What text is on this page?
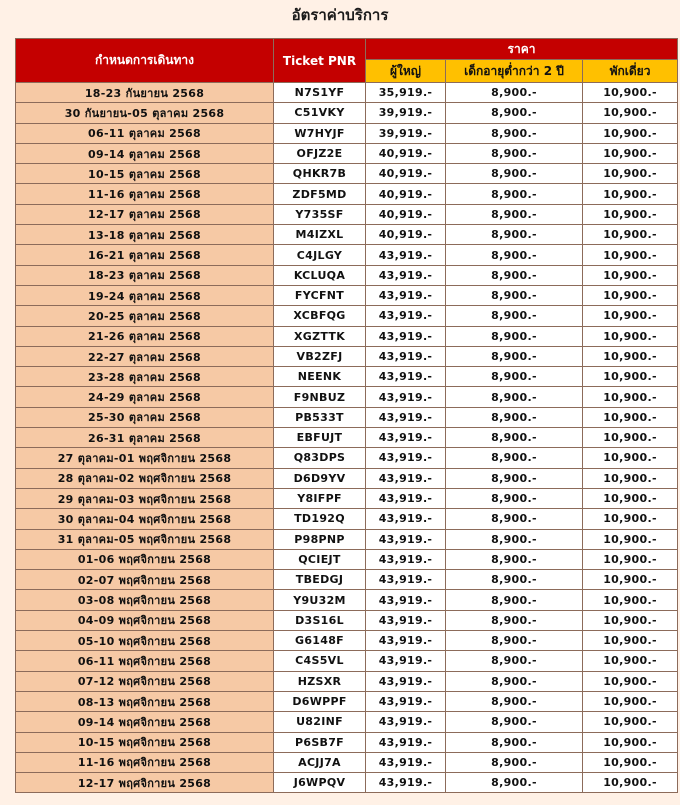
อัตราค่าบริการ
กำหนดการเดินทาง	Ticket PNR	ราคา		
		ผู้ใหญ่	เด็กอายุต่ำกว่า 2 ปี	พักเดี่ยว
18-23 กันยายน 2568	N7S1YF	35,919.-	8,900.-	10,900.-
30 กันยายน-05 ตุลาคม 2568	C51VKY	39,919.-	8,900.-	10,900.-
06-11 ตุลาคม 2568	W7HYJF	39,919.-	8,900.-	10,900.-
09-14 ตุลาคม 2568	OFJZ2E	40,919.-	8,900.-	10,900.-
10-15 ตุลาคม 2568	QHKR7B	40,919.-	8,900.-	10,900.-
11-16 ตุลาคม 2568	ZDF5MD	40,919.-	8,900.-	10,900.-
12-17 ตุลาคม 2568	Y735SF	40,919.-	8,900.-	10,900.-
13-18 ตุลาคม 2568	M4IZXL	40,919.-	8,900.-	10,900.-
16-21 ตุลาคม 2568	C4JLGY	43,919.-	8,900.-	10,900.-
18-23 ตุลาคม 2568	KCLUQA	43,919.-	8,900.-	10,900.-
19-24 ตุลาคม 2568	FYCFNT	43,919.-	8,900.-	10,900.-
20-25 ตุลาคม 2568	XCBFQG	43,919.-	8,900.-	10,900.-
21-26 ตุลาคม 2568	XGZTTK	43,919.-	8,900.-	10,900.-
22-27 ตุลาคม 2568	VB2ZFJ	43,919.-	8,900.-	10,900.-
23-28 ตุลาคม 2568	NEENK	43,919.-	8,900.-	10,900.-
24-29 ตุลาคม 2568	F9NBUZ	43,919.-	8,900.-	10,900.-
25-30 ตุลาคม 2568	PB533T	43,919.-	8,900.-	10,900.-
26-31 ตุลาคม 2568	EBFUJT	43,919.-	8,900.-	10,900.-
27 ตุลาคม-01 พฤศจิกายน 2568	Q83DPS	43,919.-	8,900.-	10,900.-
28 ตุลาคม-02 พฤศจิกายน 2568	D6D9YV	43,919.-	8,900.-	10,900.-
29 ตุลาคม-03 พฤศจิกายน 2568	Y8IFPF	43,919.-	8,900.-	10,900.-
30 ตุลาคม-04 พฤศจิกายน 2568	TD192Q	43,919.-	8,900.-	10,900.-
31 ตุลาคม-05 พฤศจิกายน 2568	P98PNP	43,919.-	8,900.-	10,900.-
01-06 พฤศจิกายน 2568	QCIEJT	43,919.-	8,900.-	10,900.-
02-07 พฤศจิกายน 2568	TBEDGJ	43,919.-	8,900.-	10,900.-
03-08 พฤศจิกายน 2568	Y9U32M	43,919.-	8,900.-	10,900.-
04-09 พฤศจิกายน 2568	D3S16L	43,919.-	8,900.-	10,900.-
05-10 พฤศจิกายน 2568	G6148F	43,919.-	8,900.-	10,900.-
06-11 พฤศจิกายน 2568	C4S5VL	43,919.-	8,900.-	10,900.-
07-12 พฤศจิกายน 2568	HZSXR	43,919.-	8,900.-	10,900.-
08-13 พฤศจิกายน 2568	D6WPPF	43,919.-	8,900.-	10,900.-
09-14 พฤศจิกายน 2568	U82INF	43,919.-	8,900.-	10,900.-
10-15 พฤศจิกายน 2568	P6SB7F	43,919.-	8,900.-	10,900.-
11-16 พฤศจิกายน 2568	ACJJ7A	43,919.-	8,900.-	10,900.-
12-17 พฤศจิกายน 2568	J6WPQV	43,919.-	8,900.-	10,900.-
